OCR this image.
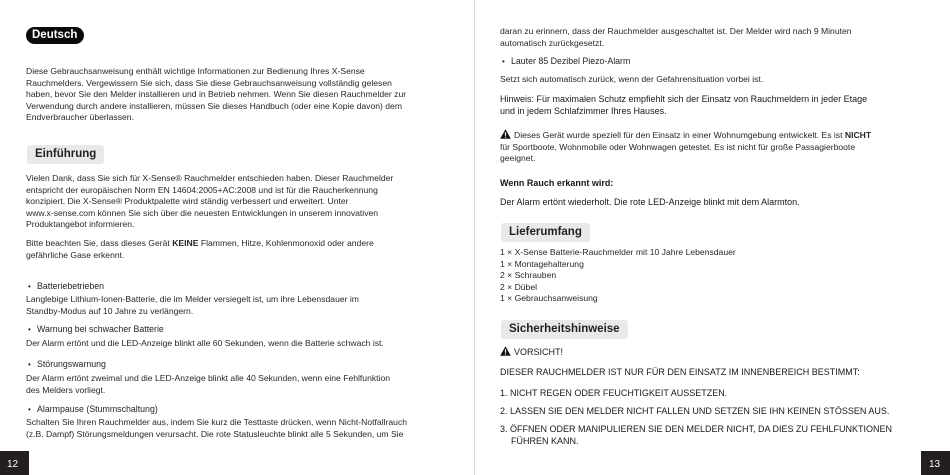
Deutsch
Diese Gebrauchsanweisung enthält wichtige Informationen zur Bedienung Ihres X-Sense
Rauchmelders. Vergewissern Sie sich, dass Sie diese Gebrauchsanweisung vollständig gelesen
haben, bevor Sie den Melder installieren und in Betrieb nehmen. Wenn Sie diesen Rauchmelder zur
Verwendung durch andere installieren, müssen Sie dieses Handbuch (oder eine Kopie davon) dem
Endverbraucher überlassen.
Einführung
Vielen Dank, dass Sie sich für X-Sense® Rauchmelder entschieden haben. Dieser Rauchmelder
entspricht der europäischen Norm EN 14604:2005+AC:2008 und ist für die Raucherkennung
konzipiert. Die X-Sense® Produktpalette wird ständig verbessert und erweitert. Unter
www.x-sense.com können Sie sich über die neuesten Entwicklungen in unserem innovativen
Produktangebot informieren.
Bitte beachten Sie, dass dieses Gerät KEINE Flammen, Hitze, Kohlenmonoxid oder andere
gefährliche Gase erkennt.
• Batteriebetrieben
Langlebige Lithium-Ionen-Batterie, die im Melder versiegelt ist, um ihre Lebensdauer im
Standby-Modus auf 10 Jahre zu verlängern.
• Warnung bei schwacher Batterie
Der Alarm ertönt und die LED-Anzeige blinkt alle 60 Sekunden, wenn die Batterie schwach ist.
• Störungswarnung
Der Alarm ertönt zweimal und die LED-Anzeige blinkt alle 40 Sekunden, wenn eine Fehlfunktion
des Melders vorliegt.
• Alarmpause (Stummschaltung)
Schalten Sie Ihren Rauchmelder aus, indem Sie kurz die Testtaste drücken, wenn Nicht-Notfallrauch
(z.B. Dampf) Störungsmeldungen verursacht. Die rote Statusleuchte blinkt alle 5 Sekunden, um Sie
12
daran zu erinnern, dass der Rauchmelder ausgeschaltet ist. Der Melder wird nach 9 Minuten
automatisch zurückgesetzt.
• Lauter 85 Dezibel Piezo-Alarm
Setzt sich automatisch zurück, wenn der Gefahrensituation vorbei ist.
Hinweis: Für maximalen Schutz empfiehlt sich der Einsatz von Rauchmeldern in jeder Etage
und in jedem Schlafzimmer Ihres Hauses.
Dieses Gerät wurde speziell für den Einsatz in einer Wohnumgebung entwickelt. Es ist NICHT
für Sportboote, Wohnmobile oder Wohnwagen getestet. Es ist nicht für große Passagierboote
geeignet.
Wenn Rauch erkannt wird:
Der Alarm ertönt wiederholt. Die rote LED-Anzeige blinkt mit dem Alarmton.
Lieferumfang
1 × X-Sense Batterie-Rauchmelder mit 10 Jahre Lebensdauer
1 × Montagehalterung
2 × Schrauben
2 × Dübel
1 × Gebrauchsanweisung
Sicherheitshinweise
VORSICHT!
DIESER RAUCHMELDER IST NUR FÜR DEN EINSATZ IM INNENBEREICH BESTIMMT:
1. NICHT REGEN ODER FEUCHTIGKEIT AUSSETZEN.
2. LASSEN SIE DEN MELDER NICHT FALLEN UND SETZEN SIE IHN KEINEN STÖSSEN AUS.
3. ÖFFNEN ODER MANIPULIEREN SIE DEN MELDER NICHT, DA DIES ZU FEHLFUNKTIONEN
FÜHREN KANN.
13
